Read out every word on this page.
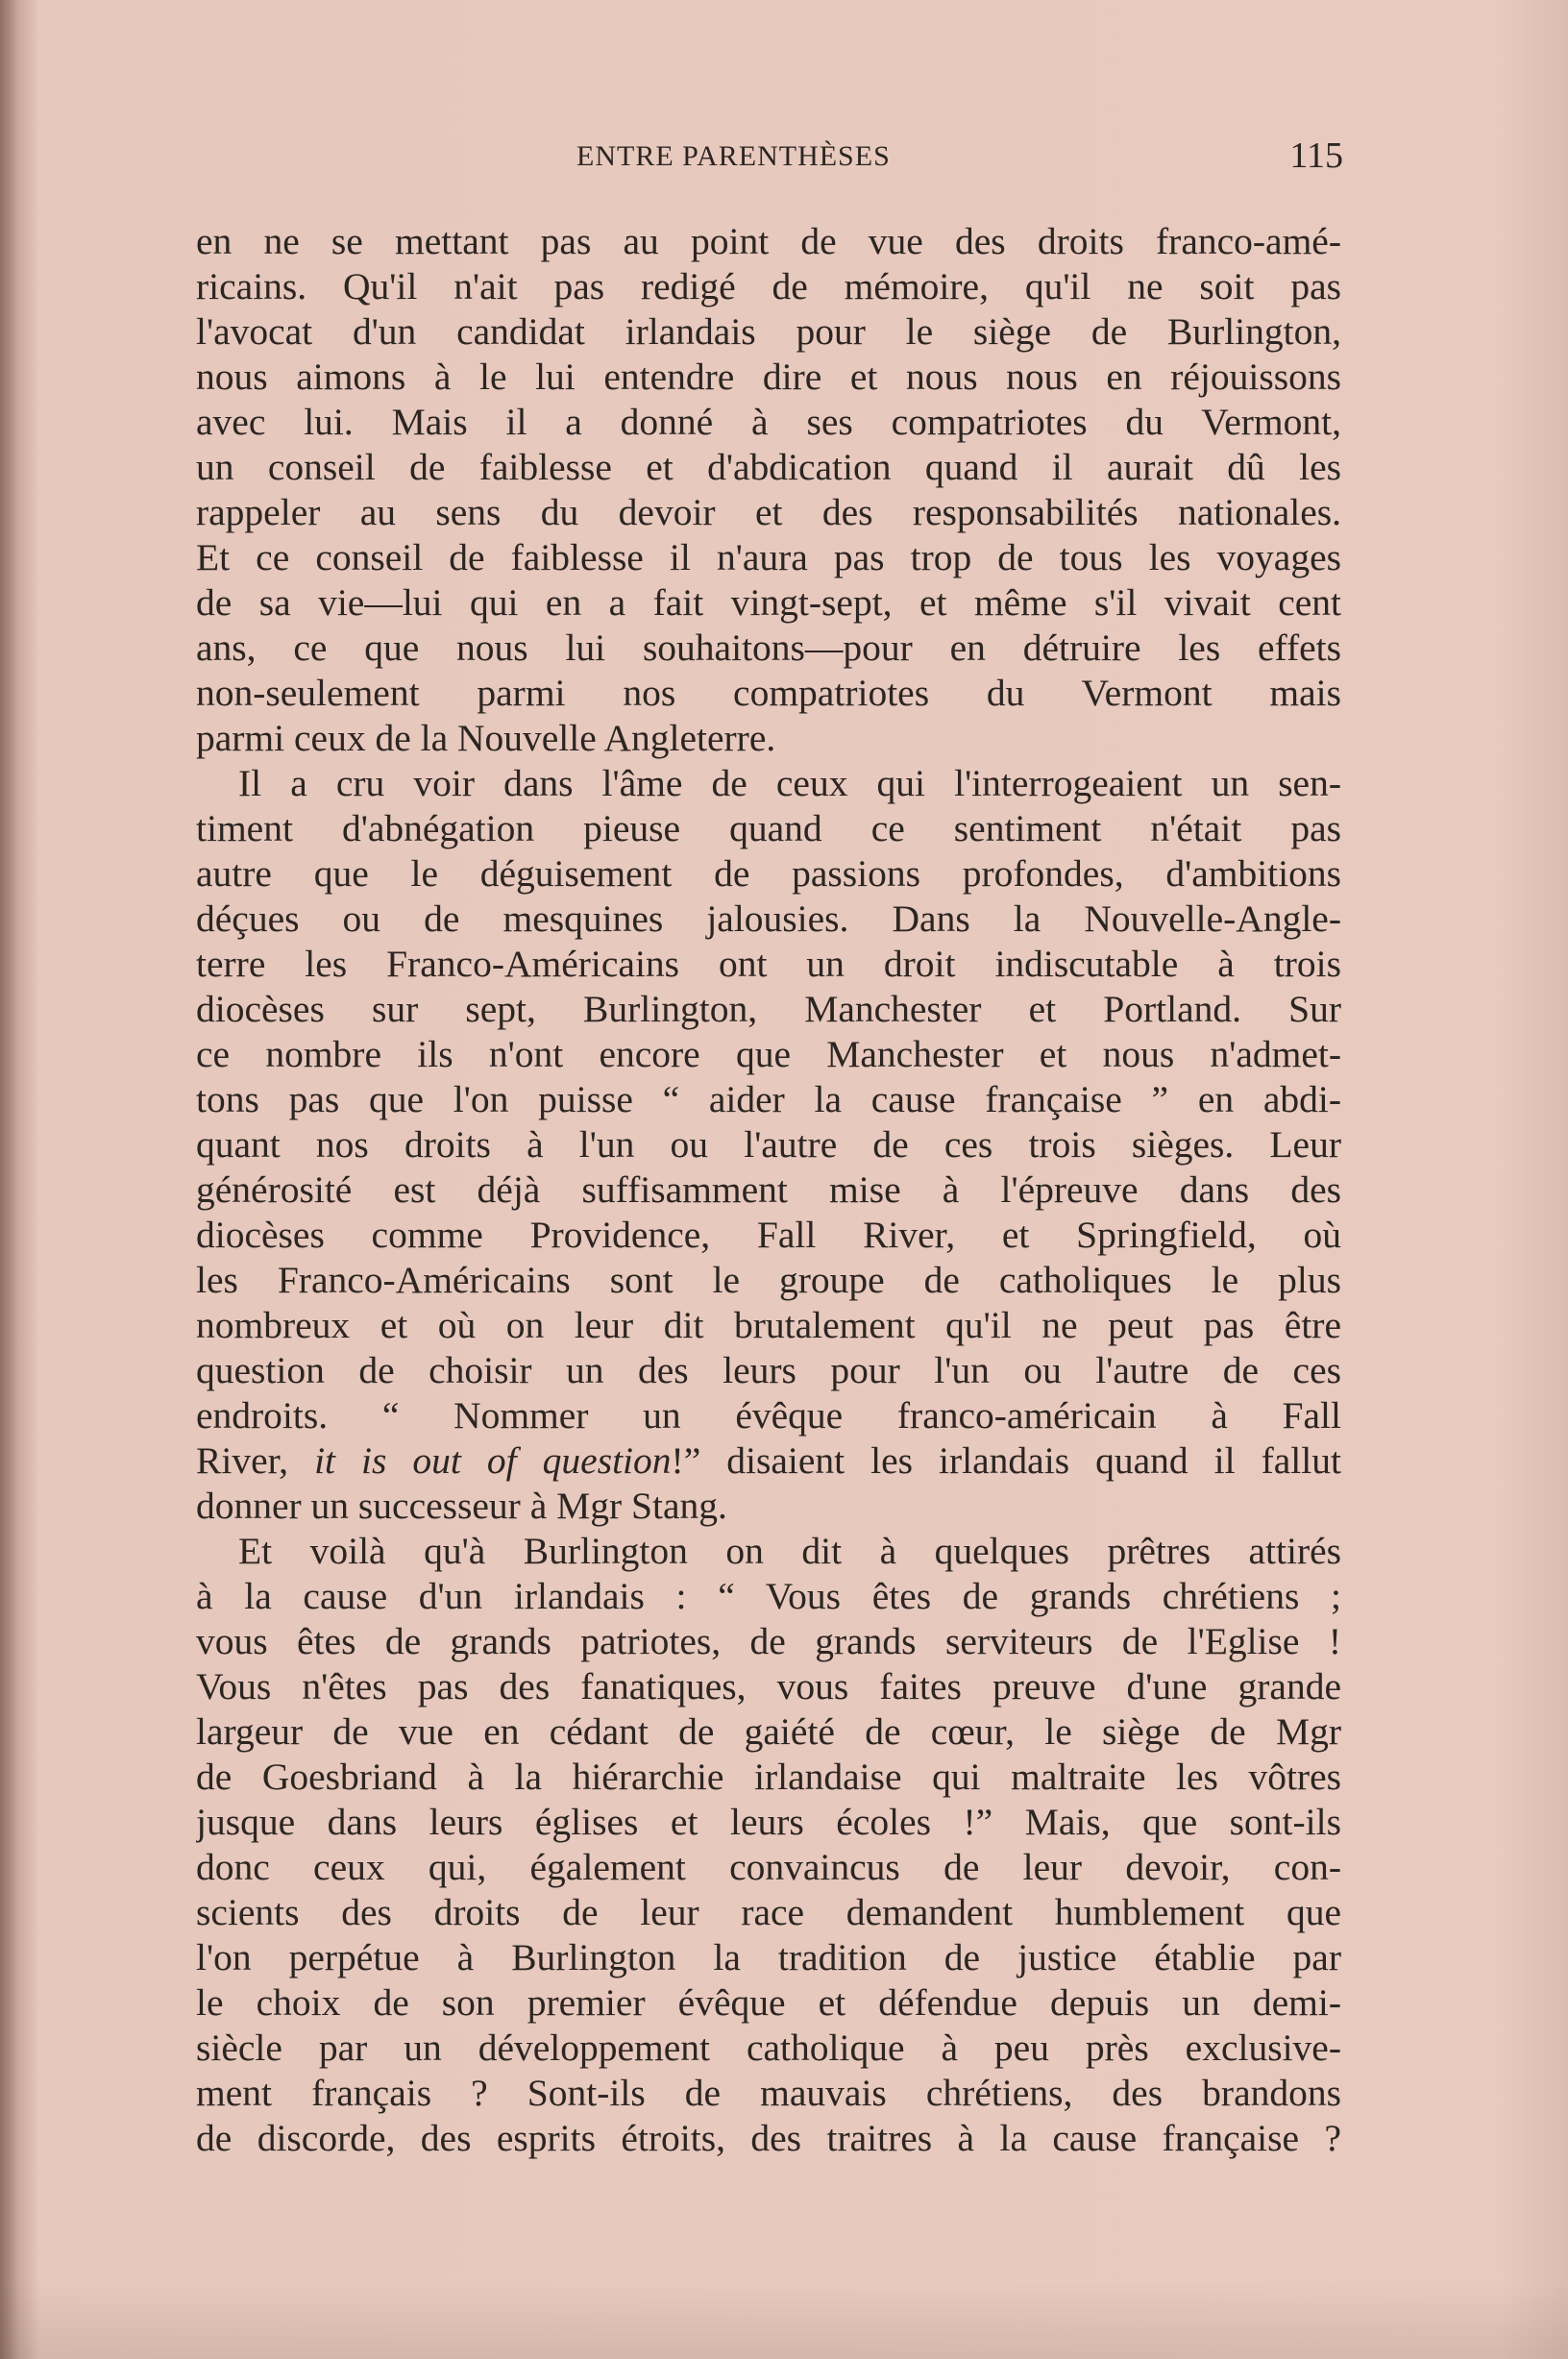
ENTRE PARENTHÈSES	115
en ne se mettant pas au point de vue des droits franco-amé-
ricains. Qu'il n'ait pas redigé de mémoire, qu'il ne soit pas
l'avocat d'un candidat irlandais pour le siège de Burlington,
nous aimons à le lui entendre dire et nous nous en réjouissons
avec lui. Mais il a donné à ses compatriotes du Vermont,
un conseil de faiblesse et d'abdication quand il aurait dû les
rappeler au sens du devoir et des responsabilités nationales.
Et ce conseil de faiblesse il n'aura pas trop de tous les voyages
de sa vie—lui qui en a fait vingt-sept, et même s'il vivait cent
ans, ce que nous lui souhaitons—pour en détruire les effets
non-seulement parmi nos compatriotes du Vermont mais
parmi ceux de la Nouvelle Angleterre.
Il a cru voir dans l'âme de ceux qui l'interrogeaient un sen-
timent d'abnégation pieuse quand ce sentiment n'était pas
autre que le déguisement de passions profondes, d'ambitions
déçues ou de mesquines jalousies. Dans la Nouvelle-Angle-
terre les Franco-Américains ont un droit indiscutable à trois
diocèses sur sept, Burlington, Manchester et Portland. Sur
ce nombre ils n'ont encore que Manchester et nous n'admet-
tons pas que l'on puisse “ aider la cause française ” en abdi-
quant nos droits à l'un ou l'autre de ces trois sièges. Leur
générosité est déjà suffisamment mise à l'épreuve dans des
diocèses comme Providence, Fall River, et Springfield, où
les Franco-Américains sont le groupe de catholiques le plus
nombreux et où on leur dit brutalement qu'il ne peut pas être
question de choisir un des leurs pour l'un ou l'autre de ces
endroits. “ Nommer un évêque franco-américain à Fall
River, it is out of question!” disaient les irlandais quand il fallut
donner un successeur à Mgr Stang.
Et voilà qu'à Burlington on dit à quelques prêtres attirés
à la cause d'un irlandais : “ Vous êtes de grands chrétiens ;
vous êtes de grands patriotes, de grands serviteurs de l'Eglise !
Vous n'êtes pas des fanatiques, vous faites preuve d'une grande
largeur de vue en cédant de gaiété de cœur, le siège de Mgr
de Goesbriand à la hiérarchie irlandaise qui maltraite les vôtres
jusque dans leurs églises et leurs écoles !” Mais, que sont-ils
donc ceux qui, également convaincus de leur devoir, con-
scients des droits de leur race demandent humblement que
l'on perpétue à Burlington la tradition de justice établie par
le choix de son premier évêque et défendue depuis un demi-
siècle par un développement catholique à peu près exclusive-
ment français ? Sont-ils de mauvais chrétiens, des brandons
de discorde, des esprits étroits, des traitres à la cause française ?
